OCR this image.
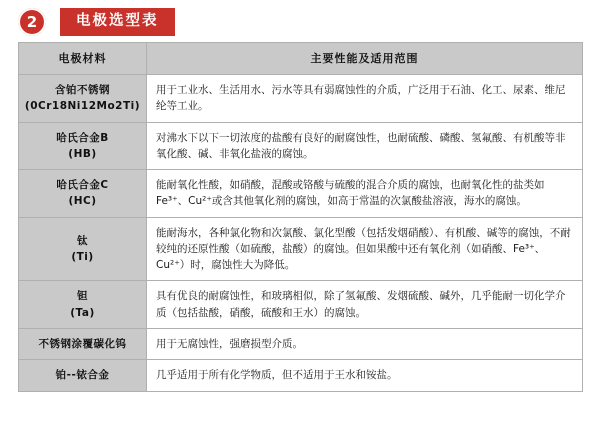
2	电极选型表
电极材料	主要性能及适用范围

含铂不锈钢
(0Cr18Ni12Mo2Ti)	用于工业水、生活用水、污水等具有弱腐蚀性的介质，广泛用于石油、化工、尿素、维尼纶等工业。

哈氏合金B
(HB)	对沸水下以下一切浓度的盐酸有良好的耐腐蚀性，也耐硫酸、磷酸、氢氟酸、有机酸等非氧化酸、碱、非氧化盐液的腐蚀。

哈氏合金C
(HC)	能耐氧化性酸，如硝酸，混酸或铬酸与硫酸的混合介质的腐蚀，也耐氧化性的盐类如Fe³⁺、Cu²⁺或含其他氧化剂的腐蚀，如高于常温的次氯酸盐溶液，海水的腐蚀。

钛
(Ti)	能耐海水，各种氯化物和次氯酸、氯化型酸（包括发烟硝酸）、有机酸、碱等的腐蚀，不耐较纯的还原性酸（如硫酸，盐酸）的腐蚀。但如果酸中还有氧化剂（如硝酸、Fe³⁺、Cu²⁺）时，腐蚀性大为降低。

钽
(Ta)	具有优良的耐腐蚀性，和玻璃相似，除了氢氟酸、发烟硫酸、碱外，几乎能耐一切化学介质（包括盐酸，硝酸，硫酸和王水）的腐蚀。

不锈钢涂覆碳化钨	用于无腐蚀性，强磨损型介质。

铂--铱合金	几乎适用于所有化学物质，但不适用于王水和铵盐。
